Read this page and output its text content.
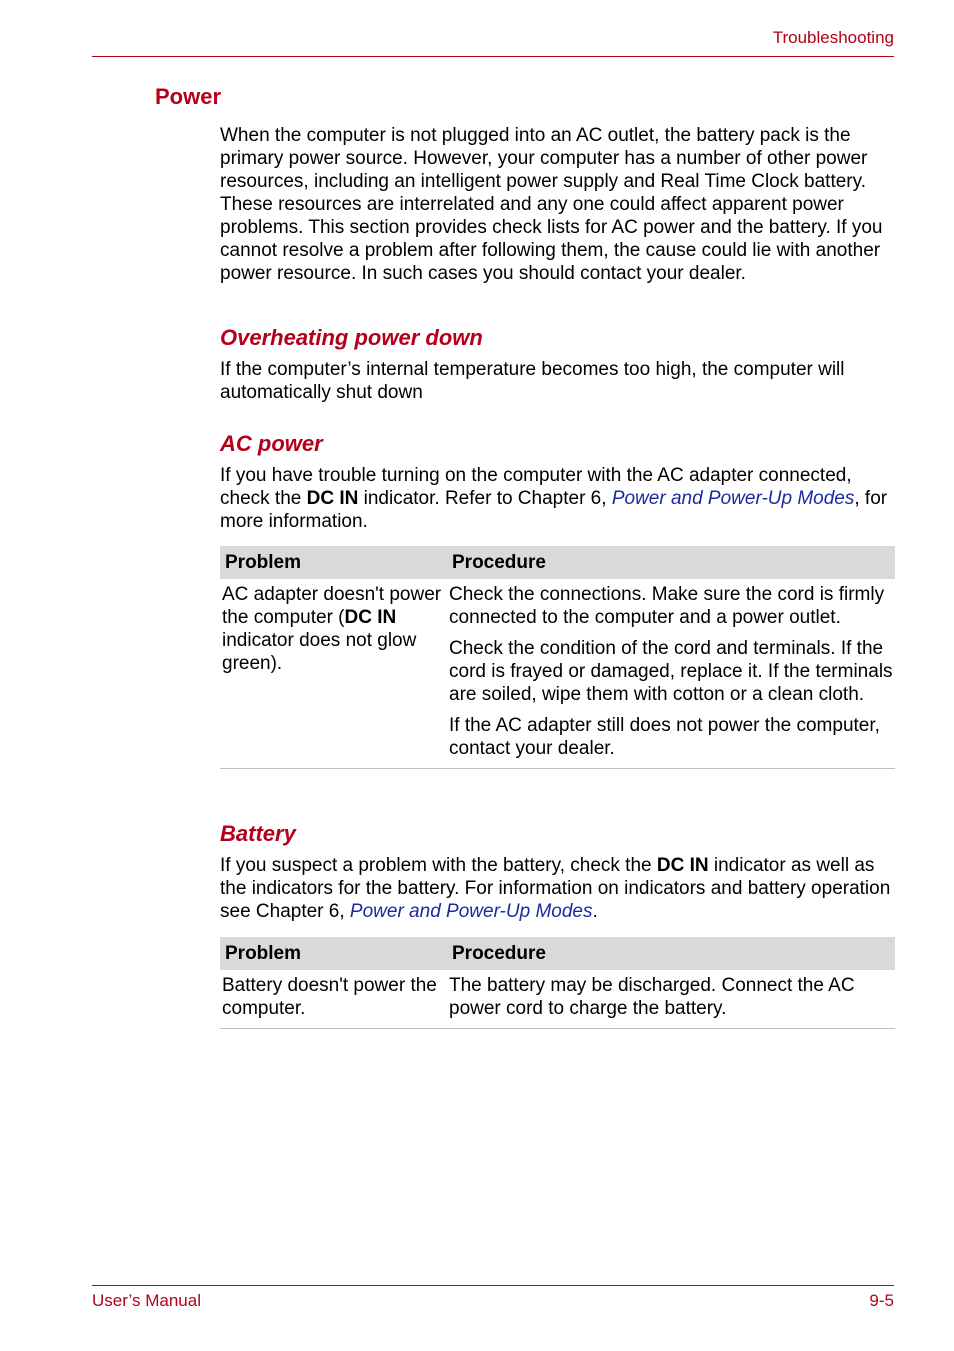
Troubleshooting
Power

When the computer is not plugged into an AC outlet, the battery pack is the primary power source. However, your computer has a number of other power resources, including an intelligent power supply and Real Time Clock battery. These resources are interrelated and any one could affect apparent power problems. This section provides check lists for AC power and the battery. If you cannot resolve a problem after following them, the cause could lie with another power resource. In such cases you should contact your dealer.

Overheating power down

If the computer’s internal temperature becomes too high, the computer will automatically shut down

AC power

If you have trouble turning on the computer with the AC adapter connected, check the DC IN indicator. Refer to Chapter 6, Power and Power-Up Modes, for more information.

Problem	Procedure
AC adapter doesn't power the computer (DC IN indicator does not glow green).	Check the connections. Make sure the cord is firmly connected to the computer and a power outlet.

Check the condition of the cord and terminals. If the cord is frayed or damaged, replace it. If the terminals are soiled, wipe them with cotton or a clean cloth.

If the AC adapter still does not power the computer, contact your dealer.

Battery

If you suspect a problem with the battery, check the DC IN indicator as well as the indicators for the battery. For information on indicators and battery operation see Chapter 6, Power and Power-Up Modes.

Problem	Procedure
Battery doesn't power the computer.	The battery may be discharged. Connect the AC power cord to charge the battery.
User’s Manual	9-5
